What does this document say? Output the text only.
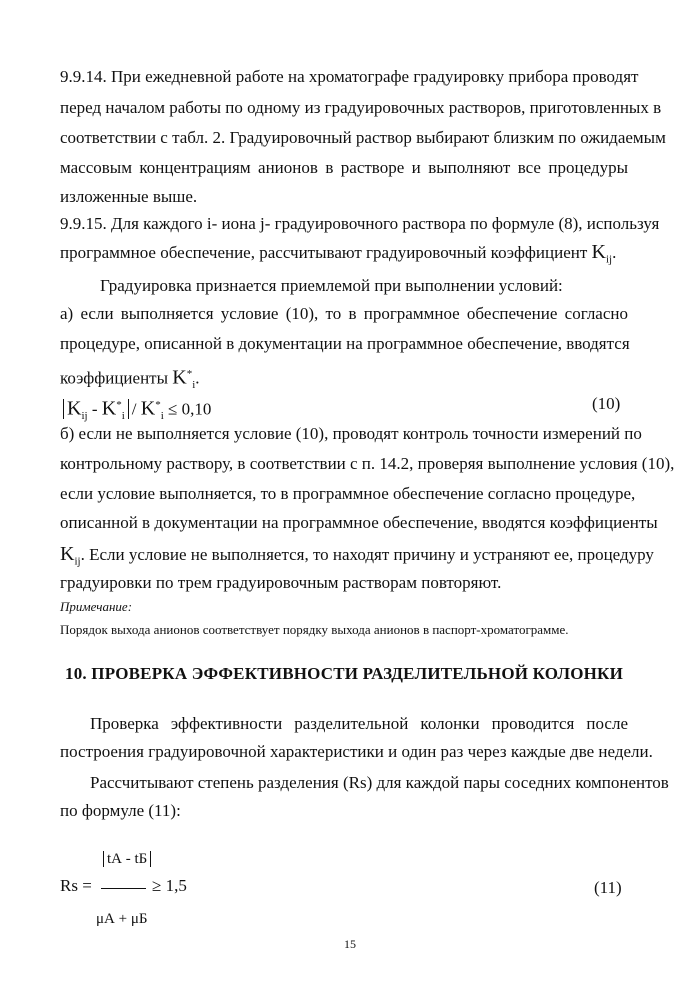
9.9.14. При ежедневной работе на хроматографе градуировку прибора проводят
перед началом работы по одному из градуировочных растворов, приготовленных в
соответствии с табл. 2. Градуировочный раствор выбирают близким по ожидаемым
массовым концентрациям анионов в растворе и выполняют все процедуры
изложенные выше.
9.9.15. Для каждого i- иона j- градуировочного раствора по формуле (8), используя
программное обеспечение, рассчитывают градуировочный коэффициент $K_{ij}$.
Градуировка признается приемлемой при выполнении условий:
а) если выполняется условие (10), то в программное обеспечение согласно
процедуре, описанной в документации на программное обеспечение, вводятся
коэффициенты $K^*_i$.
$K_{ij} - K^*_i / K^*_i \le 0,10$	(10)
б) если не выполняется условие (10), проводят контроль точности измерений по
контрольному раствору, в соответствии с п. 14.2, проверяя выполнение условия (10),
если условие выполняется, то в программное обеспечение согласно процедуре,
описанной в документации на программное обеспечение, вводятся коэффициенты
$K_{ij}$. Если условие не выполняется, то находят причину и устраняют ее, процедуру
градуировки по трем градуировочным растворам повторяют.
Примечание:
Порядок выхода анионов соответствует порядку выхода анионов в паспорт-хроматограмме.
10. ПРОВЕРКА ЭФФЕКТИВНОСТИ РАЗДЕЛИТЕЛЬНОЙ КОЛОНКИ
Проверка эффективности разделительной колонки проводится после
построения градуировочной характеристики и один раз через каждые две недели.
Рассчитывают степень разделения (Rs) для каждой пары соседних компонентов
по формуле (11):
tА - tБ
Rs =	≥ 1,5
μА + μБ
(11)
15
